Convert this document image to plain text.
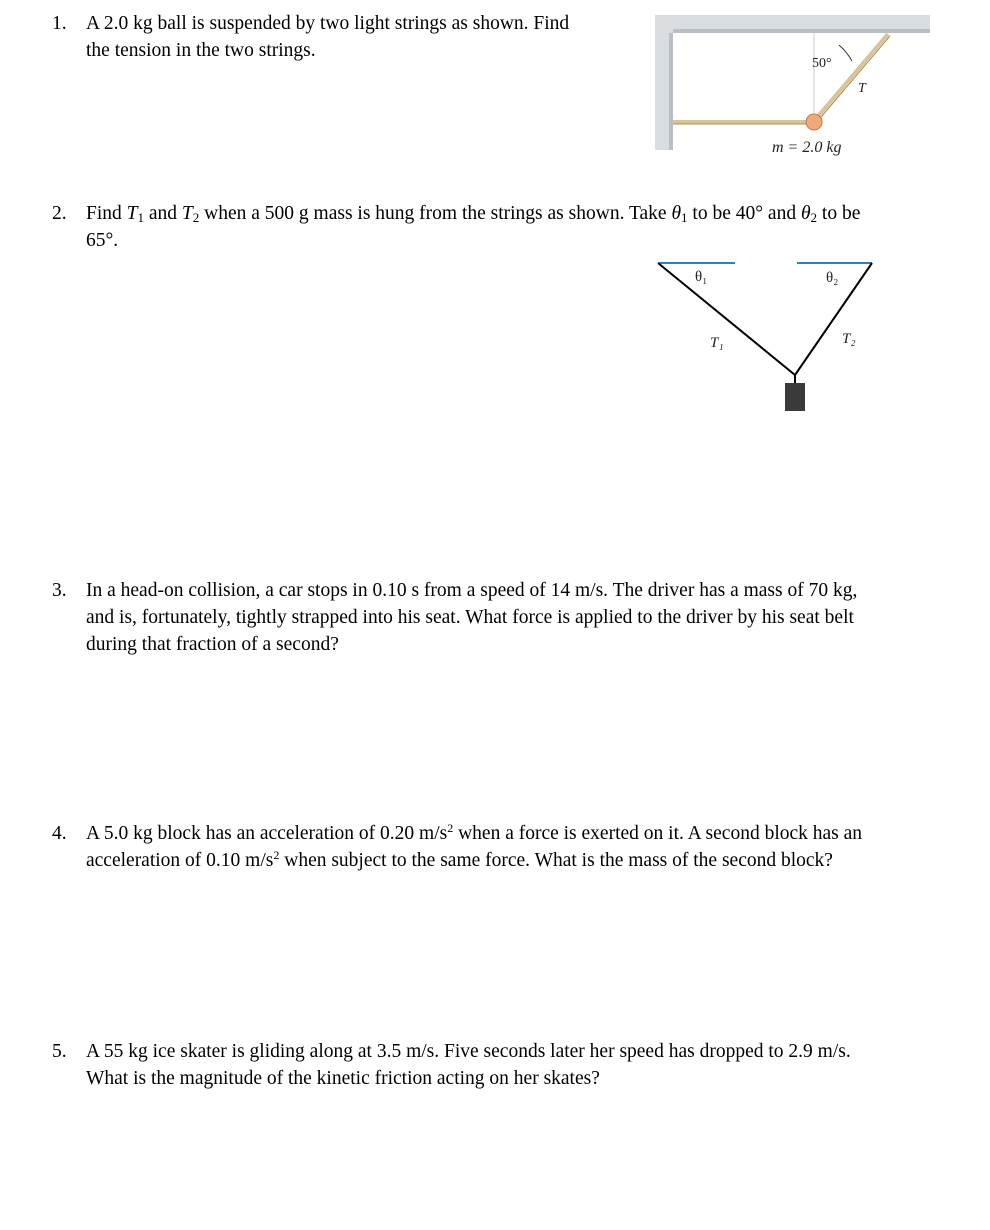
1. A 2.0 kg ball is suspended by two light strings as shown. Find
the tension in the two strings.
50°
T
m = 2.0 kg
2. Find $T_1$ and $T_2$ when a 500 g mass is hung from the strings as shown. Take $\theta_1$ to be 40° and $\theta_2$ to be
65°.
θ₁	θ₂
T₁	T₂
3. In a head-on collision, a car stops in 0.10 s from a speed of 14 m/s. The driver has a mass of 70 kg,
and is, fortunately, tightly strapped into his seat. What force is applied to the driver by his seat belt
during that fraction of a second?
4. A 5.0 kg block has an acceleration of 0.20 $m/s^2$ when a force is exerted on it. A second block has an
acceleration of 0.10 $m/s^2$ when subject to the same force. What is the mass of the second block?
5. A 55 kg ice skater is gliding along at 3.5 m/s. Five seconds later her speed has dropped to 2.9 m/s.
What is the magnitude of the kinetic friction acting on her skates?
